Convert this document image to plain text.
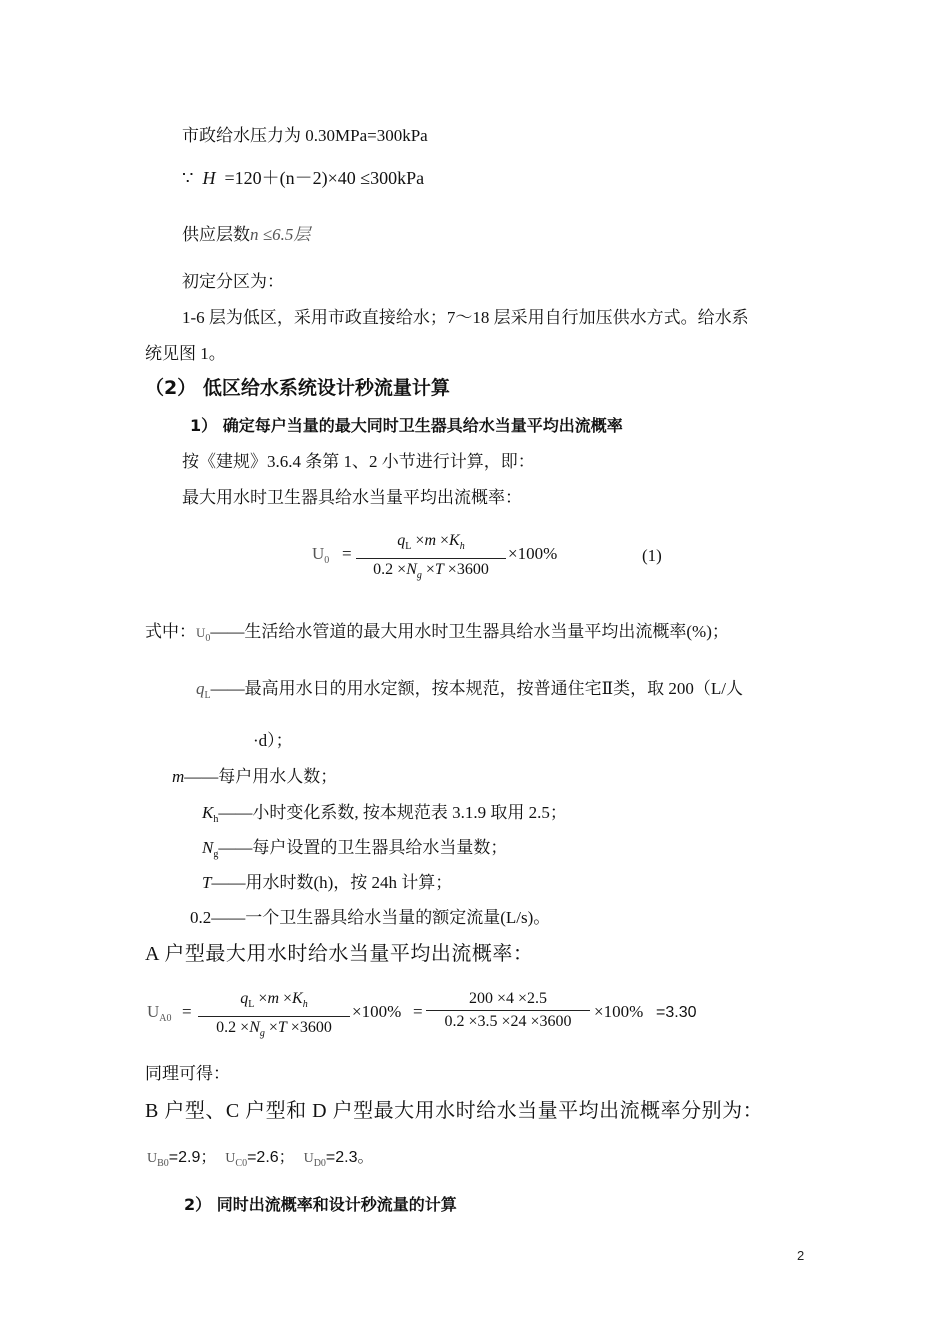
市政给水压力为 0.30MPa=300kPa
∵  H  =120＋(n－2)×40 ≤300kPa
供应层数n ≤6.5层
初定分区为：
1-6 层为低区，采用市政直接给水；7～18 层采用自行加压供水方式。给水系
统见图 1。
（2） 低区给水系统设计秒流量计算
1） 确定每户当量的最大同时卫生器具给水当量平均出流概率
按《建规》3.6.4 条第 1、2 小节进行计算，即：
最大用水时卫生器具给水当量平均出流概率：
$U_0$ =
$q_L \times m \times K_h$
$0.2 \times N_g \times T \times 3600$
×100%	(1)
式中：$U_0——$生活给水管道的最大用水时卫生器具给水当量平均出流概率(%)；
$q_L——$最高用水日的用水定额，按本规范，按普通住宅Ⅱ类，取 200（L/人
·d）；
m——每户用水人数；
$K_h——$小时变化系数, 按本规范表 3.1.9 取用 2.5；
$N_g——$每户设置的卫生器具给水当量数；
T——用水时数(h)，按 24h 计算；
0.2——一个卫生器具给水当量的额定流量(L/s)。
A 户型最大用水时给水当量平均出流概率：
$U_{A0}$ =
$q_L \times m \times K_h$
$0.2 \times N_g \times T \times 3600$
×100% =
200 ×4 ×2.5
0.2 ×3.5 ×24 ×3600
×100% =3.30
同理可得：
B 户型、C 户型和 D 户型最大用水时给水当量平均出流概率分别为：
$U_{B0}=2.9$； $U_{C0}=2.6$； $U_{D0}=2.3$。
2） 同时出流概率和设计秒流量的计算
2
